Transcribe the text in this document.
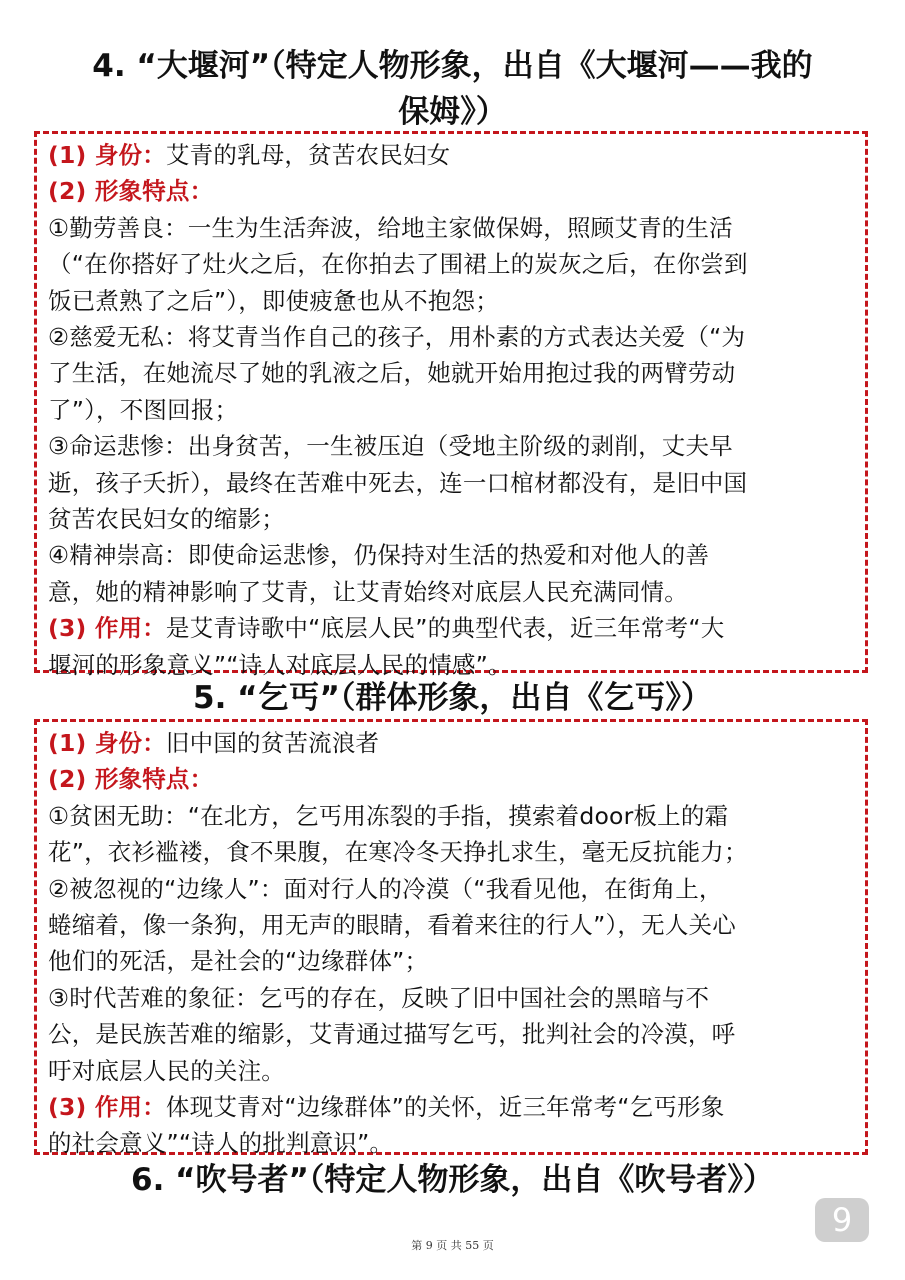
4. “大堰河”（特定人物形象，出自《大堰河——我的
保姆》）

(1) 身份：艾青的乳母，贫苦农民妇女

(2) 形象特点：

①勤劳善良：一生为生活奔波，给地主家做保姆，照顾艾青的生活

（“在你搭好了灶火之后，在你拍去了围裙上的炭灰之后，在你尝到

饭已煮熟了之后”），即使疲惫也从不抱怨；

②慈爱无私：将艾青当作自己的孩子，用朴素的方式表达关爱（“为

了生活，在她流尽了她的乳液之后，她就开始用抱过我的两臂劳动

了”），不图回报；

③命运悲惨：出身贫苦，一生被压迫（受地主阶级的剥削，丈夫早

逝，孩子夭折），最终在苦难中死去，连一口棺材都没有，是旧中国

贫苦农民妇女的缩影；

④精神崇高：即使命运悲惨，仍保持对生活的热爱和对他人的善

意，她的精神影响了艾青，让艾青始终对底层人民充满同情。

(3) 作用：是艾青诗歌中“底层人民”的典型代表，近三年常考“大

堰河的形象意义”“诗人对底层人民的情感”。

5. “乞丐”（群体形象，出自《乞丐》）

(1) 身份：旧中国的贫苦流浪者

(2) 形象特点：

①贫困无助：“在北方，乞丐用冻裂的手指，摸索着door板上的霜

花”，衣衫褴褛，食不果腹，在寒冷冬天挣扎求生，毫无反抗能力；

②被忽视的“边缘人”：面对行人的冷漠（“我看见他，在街角上，

蜷缩着，像一条狗，用无声的眼睛，看着来往的行人”），无人关心

他们的死活，是社会的“边缘群体”；

③时代苦难的象征：乞丐的存在，反映了旧中国社会的黑暗与不

公，是民族苦难的缩影，艾青通过描写乞丐，批判社会的冷漠，呼

吁对底层人民的关注。

(3) 作用：体现艾青对“边缘群体”的关怀，近三年常考“乞丐形象

的社会意义”“诗人的批判意识”。

6. “吹号者”（特定人物形象，出自《吹号者》）
9
第 9 页 共 55 页
